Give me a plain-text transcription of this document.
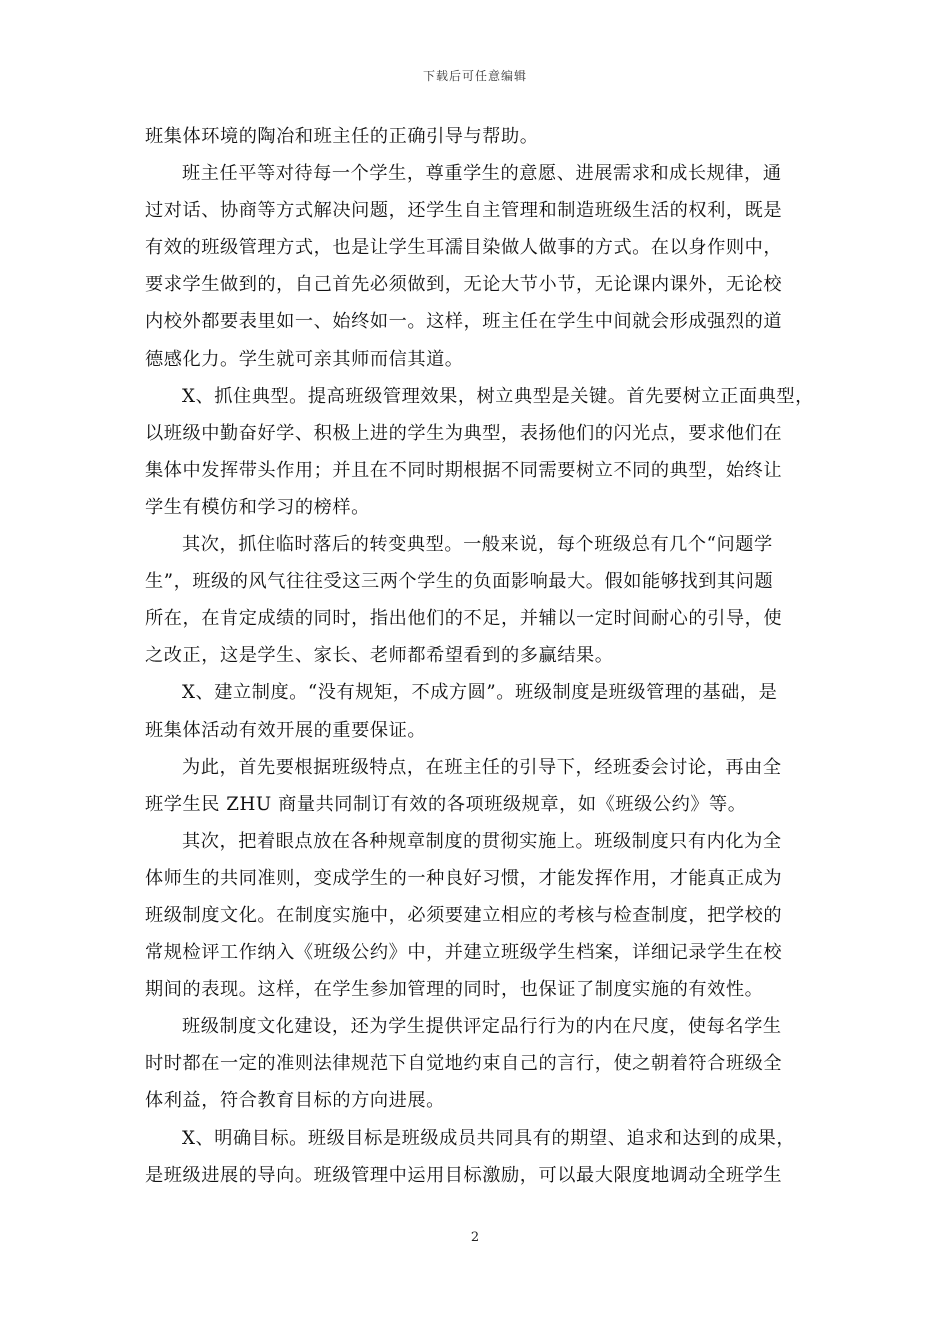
下载后可任意编辑
班集体环境的陶冶和班主任的正确引导与帮助。
班主任平等对待每一个学生，尊重学生的意愿、进展需求和成长规律，通
过对话、协商等方式解决问题，还学生自主管理和制造班级生活的权利，既是
有效的班级管理方式，也是让学生耳濡目染做人做事的方式。在以身作则中，
要求学生做到的，自己首先必须做到，无论大节小节，无论课内课外，无论校
内校外都要表里如一、始终如一。这样，班主任在学生中间就会形成强烈的道
德感化力。学生就可亲其师而信其道。
X、抓住典型。提高班级管理效果，树立典型是关键。首先要树立正面典型，
以班级中勤奋好学、积极上进的学生为典型，表扬他们的闪光点，要求他们在
集体中发挥带头作用；并且在不同时期根据不同需要树立不同的典型，始终让
学生有模仿和学习的榜样。
其次，抓住临时落后的转变典型。一般来说，每个班级总有几个“问题学
生”，班级的风气往往受这三两个学生的负面影响最大。假如能够找到其问题
所在，在肯定成绩的同时，指出他们的不足，并辅以一定时间耐心的引导，使
之改正，这是学生、家长、老师都希望看到的多赢结果。
X、建立制度。“没有规矩，不成方圆”。班级制度是班级管理的基础，是
班集体活动有效开展的重要保证。
为此，首先要根据班级特点，在班主任的引导下，经班委会讨论，再由全
班学生民 ZHU 商量共同制订有效的各项班级规章，如《班级公约》等。
其次，把着眼点放在各种规章制度的贯彻实施上。班级制度只有内化为全
体师生的共同准则，变成学生的一种良好习惯，才能发挥作用，才能真正成为
班级制度文化。在制度实施中，必须要建立相应的考核与检查制度，把学校的
常规检评工作纳入《班级公约》中，并建立班级学生档案，详细记录学生在校
期间的表现。这样，在学生参加管理的同时，也保证了制度实施的有效性。
班级制度文化建设，还为学生提供评定品行行为的内在尺度，使每名学生
时时都在一定的准则法律规范下自觉地约束自己的言行，使之朝着符合班级全
体利益，符合教育目标的方向进展。
X、明确目标。班级目标是班级成员共同具有的期望、追求和达到的成果，
是班级进展的导向。班级管理中运用目标激励，可以最大限度地调动全班学生
2
